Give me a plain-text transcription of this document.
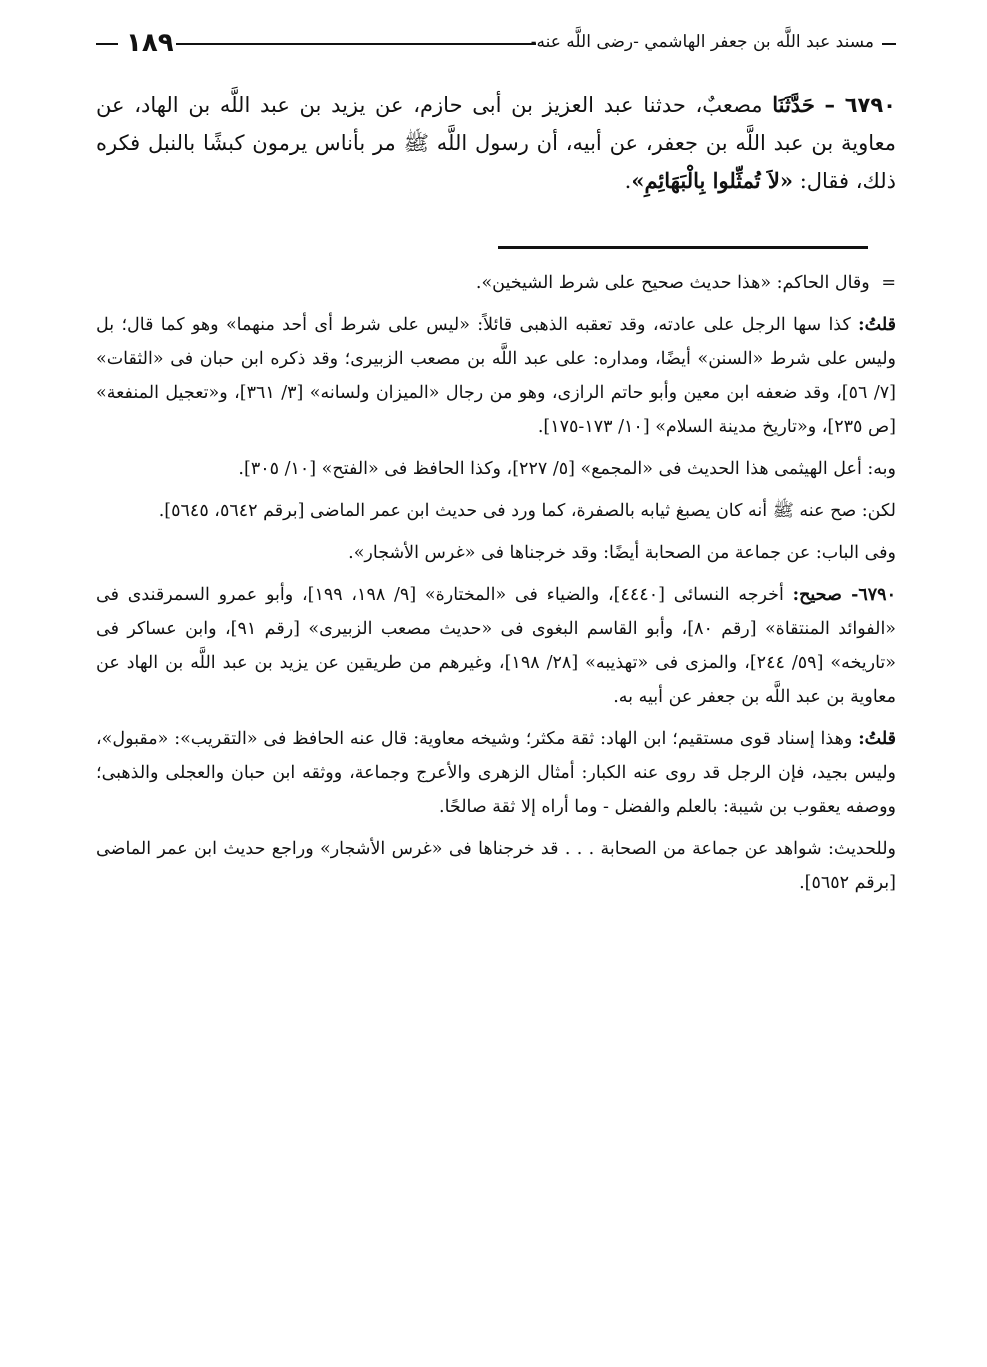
١٨٩	مسند عبد اللَّه بن جعفر الهاشمي -رضى اللَّه عنه-
٦٧٩٠ – حَدَّثَنَا مصعبٌ، حدثنا عبد العزيز بن أبى حازم، عن يزيد بن عبد اللَّه بن الهاد، عن معاوية بن عبد اللَّه بن جعفر، عن أبيه، أن رسول اللَّه ﷺ مر بأناس يرمون كبشًا بالنبل فكره ذلك، فقال: «لاَ تُمثِّلوا بِالْبَهَائِمِ».

= وقال الحاكم: «هذا حديث صحيح على شرط الشيخين».

قلتُ: كذا سها الرجل على عادته، وقد تعقبه الذهبى قائلاً: «ليس على شرط أى أحد منهما» وهو كما قال؛ بل وليس على شرط «السنن» أيضًا، ومداره: على عبد اللَّه بن مصعب الزبيرى؛ وقد ذكره ابن حبان فى «الثقات» [٧/ ٥٦]، وقد ضعفه ابن معين وأبو حاتم الرازى، وهو من رجال «الميزان ولسانه» [٣/ ٣٦١]، و«تعجيل المنفعة» [ص ٢٣٥]، و«تاريخ مدينة السلام» [١٠/ ١٧٣-١٧٥].

وبه: أعل الهيثمى هذا الحديث فى «المجمع» [٥/ ٢٢٧]، وكذا الحافظ فى «الفتح» [١٠/ ٣٠٥].

لكن: صح عنه ﷺ أنه كان يصبغ ثيابه بالصفرة، كما ورد فى حديث ابن عمر الماضى [برقم ٥٦٤٢، ٥٦٤٥].

وفى الباب: عن جماعة من الصحابة أيضًا: وقد خرجناها فى «غرس الأشجار».

٦٧٩٠- صحيح: أخرجه النسائى [٤٤٤٠]، والضياء فى «المختارة» [٩/ ١٩٨، ١٩٩]، وأبو عمرو السمرقندى فى «الفوائد المنتقاة» [رقم ٨٠]، وأبو القاسم البغوى فى «حديث مصعب الزبيرى» [رقم ٩١]، وابن عساكر فى «تاريخه» [٥٩/ ٢٤٤]، والمزى فى «تهذيبه» [٢٨/ ١٩٨]، وغيرهم من طريقين عن يزيد بن عبد اللَّه بن الهاد عن معاوية بن عبد اللَّه بن جعفر عن أبيه به.

قلتُ: وهذا إسناد قوى مستقيم؛ ابن الهاد: ثقة مكثر؛ وشيخه معاوية: قال عنه الحافظ فى «التقريب»: «مقبول»، وليس بجيد، فإن الرجل قد روى عنه الكبار: أمثال الزهرى والأعرج وجماعة، ووثقه ابن حبان والعجلى والذهبى؛ ووصفه يعقوب بن شيبة: بالعلم والفضل - وما أراه إلا ثقة صالحًا.

وللحديث: شواهد عن جماعة من الصحابة . . . قد خرجناها فى «غرس الأشجار» وراجع حديث ابن عمر الماضى [برقم ٥٦٥٢].
